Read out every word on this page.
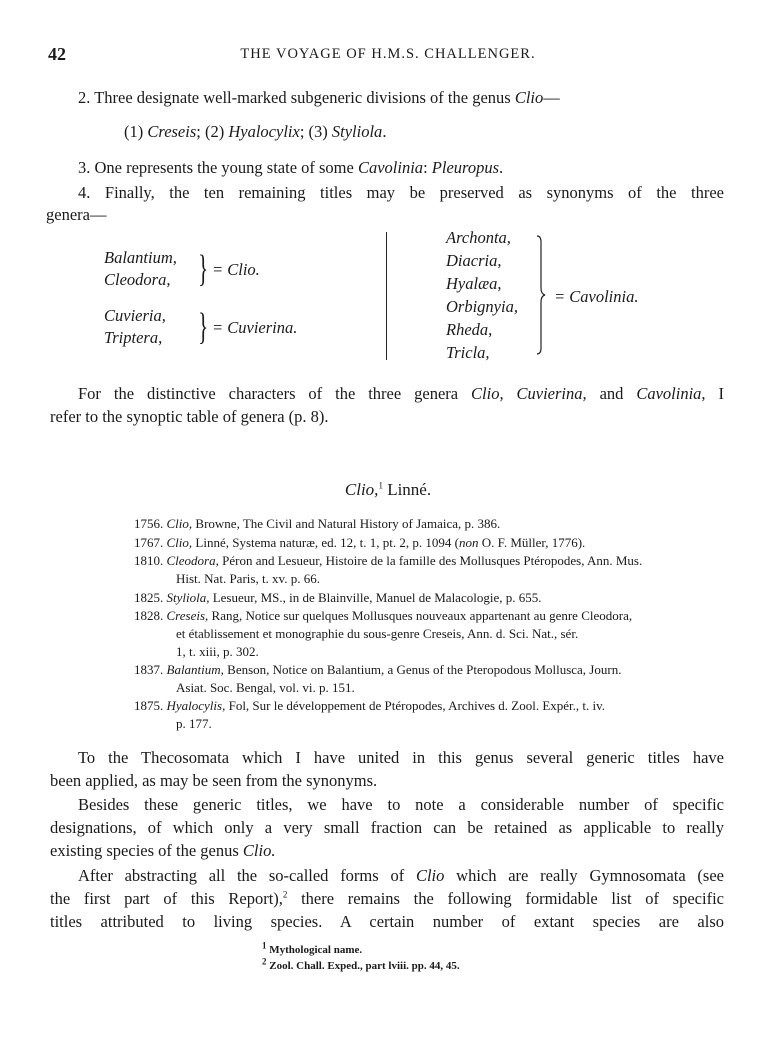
42	THE VOYAGE OF H.M.S. CHALLENGER.
2. Three designate well-marked subgeneric divisions of the genus Clio—
(1) Creseis; (2) Hyalocylix; (3) Styliola.
3. One represents the young state of some Cavolinia: Pleuropus.
4. Finally, the ten remaining titles may be preserved as synonyms of the three
genera—
Balantium,
Cleodora, } = Clio.
Cuvieria,
Triptera, } = Cuvierina.
Archonta,
Diacria,
Hyalæa,
Orbignyia,
Rheda,
Tricla,
= Cavolinia.
For the distinctive characters of the three genera Clio, Cuvierina, and Cavolinia, I
refer to the synoptic table of genera (p. 8).
Clio,$^1$ Linné.
1756. Clio, Browne, The Civil and Natural History of Jamaica, p. 386.
1767. Clio, Linné, Systema naturæ, ed. 12, t. 1, pt. 2, p. 1094 (non O. F. Müller, 1776).
1810. Cleodora, Péron and Lesueur, Histoire de la famille des Mollusques Ptéropodes, Ann. Mus.
Hist. Nat. Paris, t. xv. p. 66.
1825. Styliola, Lesueur, MS., in de Blainville, Manuel de Malacologie, p. 655.
1828. Creseis, Rang, Notice sur quelques Mollusques nouveaux appartenant au genre Cleodora,
et établissement et monographie du sous-genre Creseis, Ann. d. Sci. Nat., sér.
1, t. xiii, p. 302.
1837. Balantium, Benson, Notice on Balantium, a Genus of the Pteropodous Mollusca, Journ.
Asiat. Soc. Bengal, vol. vi. p. 151.
1875. Hyalocylis, Fol, Sur le développement de Ptéropodes, Archives d. Zool. Expér., t. iv.
p. 177.
To the Thecosomata which I have united in this genus several generic titles have
been applied, as may be seen from the synonyms.
Besides these generic titles, we have to note a considerable number of specific
designations, of which only a very small fraction can be retained as applicable to really
existing species of the genus Clio.
After abstracting all the so-called forms of Clio which are really Gymnosomata (see
the first part of this Report),$^2$ there remains the following formidable list of specific
titles attributed to living species. A certain number of extant species are also
$^1$ Mythological name.
$^2$ Zool. Chall. Exped., part lviii. pp. 44, 45.
